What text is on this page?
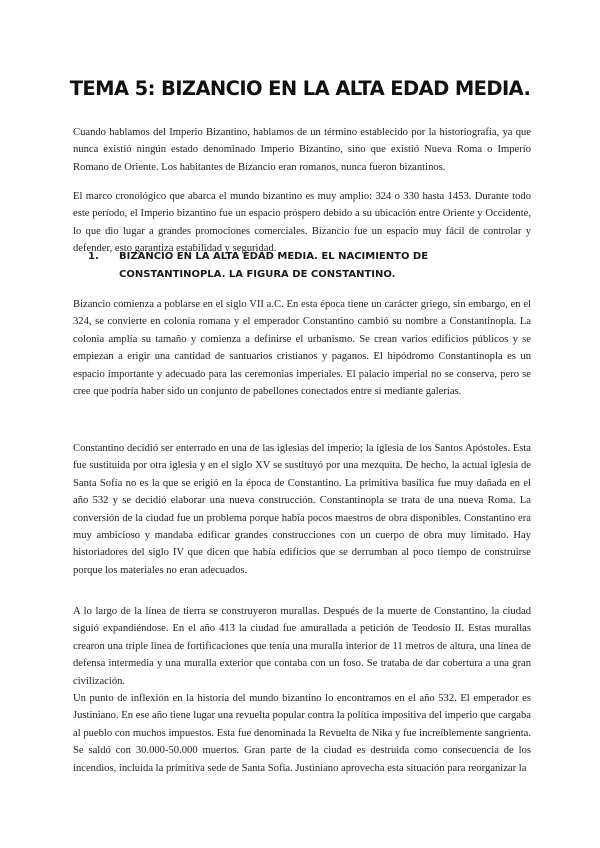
TEMA 5: BIZANCIO EN LA ALTA EDAD MEDIA.

Cuando hablamos del Imperio Bizantino, hablamos de un término establecido por la historiografía, ya que nunca existió ningún estado denominado Imperio Bizantino, sino que existió Nueva Roma o Imperio Romano de Oriente. Los habitantes de Bizancio eran romanos, nunca fueron bizantinos.

El marco cronológico que abarca el mundo bizantino es muy amplio: 324 o 330 hasta 1453. Durante todo este período, el Imperio bizantino fue un espacio próspero debido a su ubicación entre Oriente y Occidente, lo que dio lugar a grandes promociones comerciales. Bizancio fue un espacio muy fácil de controlar y defender, esto garantiza estabilidad y seguridad.

1. BIZANCIO EN LA ALTA EDAD MEDIA. EL NACIMIENTO DE CONSTANTINOPLA. LA FIGURA DE CONSTANTINO.

Bizancio comienza a poblarse en el siglo VII a.C. En esta época tiene un carácter griego, sin embargo, en el 324, se convierte en colonia romana y el emperador Constantino cambió su nombre a Constantinopla. La colonia amplía su tamaño y comienza a definirse el urbanismo. Se crean varios edificios públicos y se empiezan a erigir una cantidad de santuarios cristianos y paganos. El hipódromo Constantinopla es un espacio importante y adecuado para las ceremonias imperiales. El palacio imperial no se conserva, pero se cree que podría haber sido un conjunto de pabellones conectados entre sí mediante galerías.

Constantino decidió ser enterrado en una de las iglesias del imperio; la iglesia de los Santos Apóstoles. Esta fue sustituida por otra iglesia y en el siglo XV se sustituyó por una mezquita. De hecho, la actual iglesia de Santa Sofía no es la que se erigió en la época de Constantino. La primitiva basílica fue muy dañada en el año 532 y se decidió elaborar una nueva construcción. Constantinopla se trata de una nueva Roma. La conversión de la ciudad fue un problema porque había pocos maestros de obra disponibles. Constantino era muy ambicioso y mandaba edificar grandes construcciones con un cuerpo de obra muy limitado. Hay historiadores del siglo IV que dicen que había edificios que se derrumban al poco tiempo de construirse porque los materiales no eran adecuados.

A lo largo de la línea de tierra se construyeron murallas. Después de la muerte de Constantino, la ciudad siguió expandiéndose. En el año 413 la ciudad fue amurallada a petición de Teodosio II. Estas murallas crearon una triple línea de fortificaciones que tenía una muralla interior de 11 metros de altura, una línea de defensa intermedia y una muralla exterior que contaba con un foso. Se trataba de dar cobertura a una gran civilización.

Un punto de inflexión en la historia del mundo bizantino lo encontramos en el año 532. El emperador es Justiniano. En ese año tiene lugar una revuelta popular contra la política impositiva del imperio que cargaba al pueblo con muchos impuestos. Esta fue denominada la Revuelta de Nika y fue increíblemente sangrienta. Se saldó con 30.000-50.000 muertos. Gran parte de la ciudad es destruida como consecuencia de los incendios, incluida la primitiva sede de Santa Sofía. Justiniano aprovecha esta situación para reorganizar la
